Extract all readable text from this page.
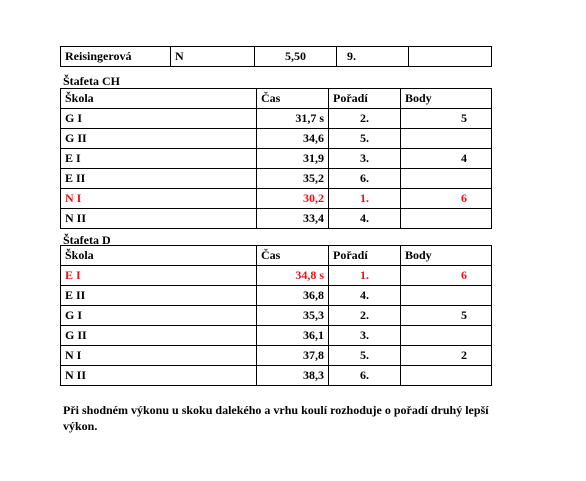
Reisingerová	N	5,50	9.	
Štafeta CH
Škola	Čas	Pořadí	Body
G I	31,7 s	2.	5
G II	34,6	5.	
E I	31,9	3.	4
E II	35,2	6.	
N I	30,2	1.	6
N II	33,4	4.	
Štafeta D
Škola	Čas	Pořadí	Body
E I	34,8 s	1.	6
E II	36,8	4.	
G I	35,3	2.	5
G II	36,1	3.	
N I	37,8	5.	2
N II	38,3	6.	
Při shodném výkonu u skoku dalekého a vrhu koulí rozhoduje o pořadí druhý lepší výkon.
